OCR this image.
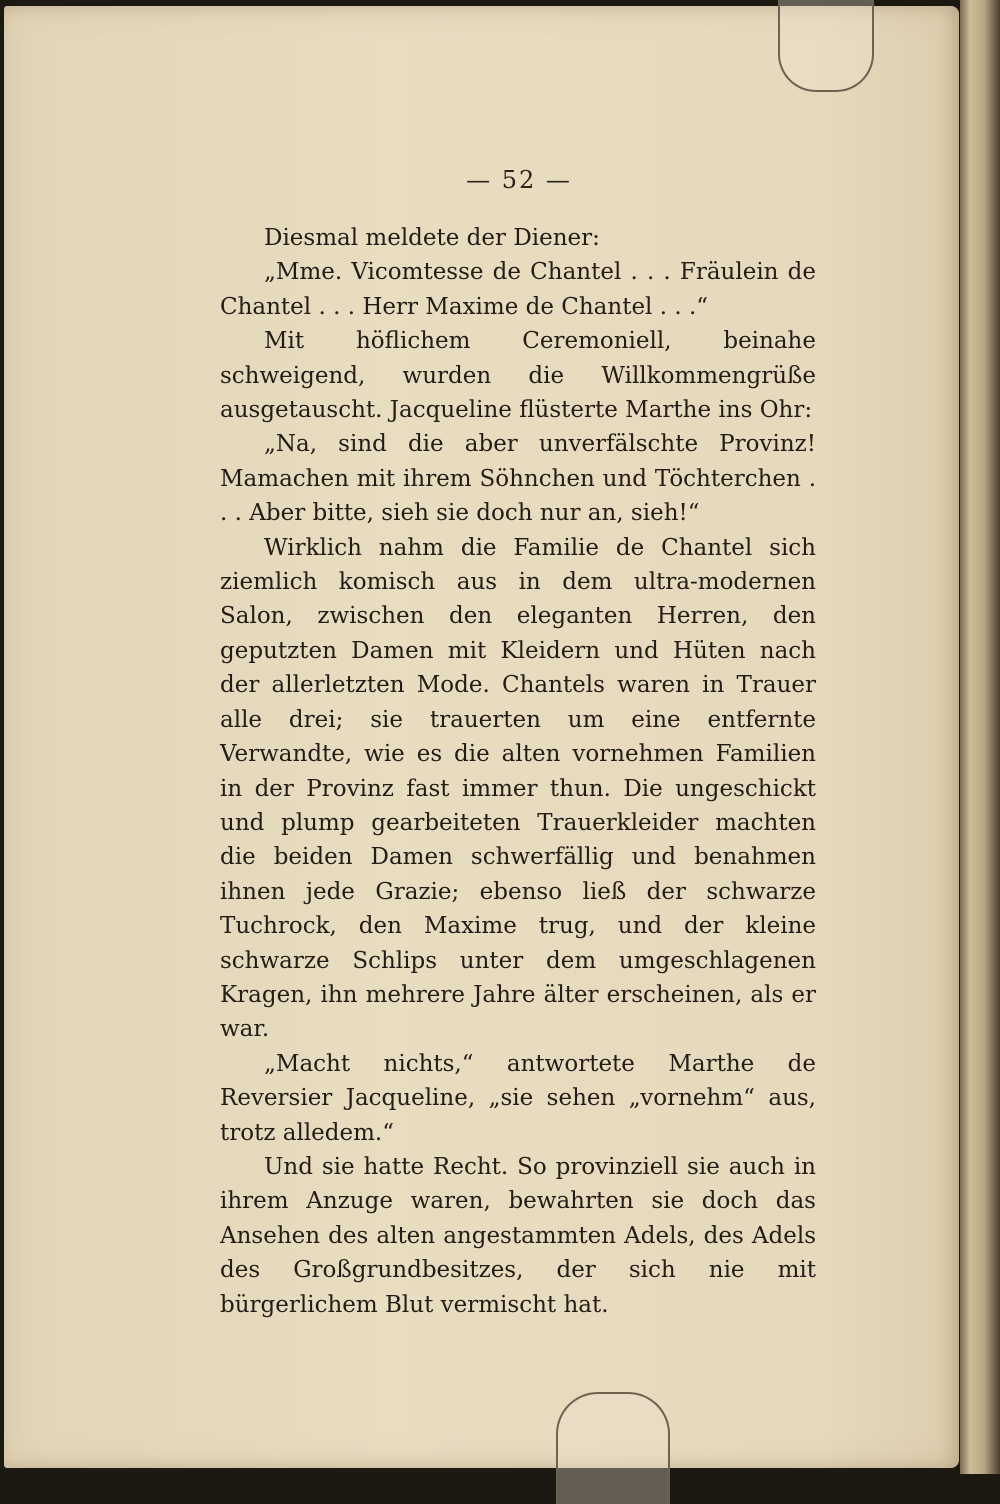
— 52 —

Diesmal meldete der Diener:

„Mme. Vicomtesse de Chantel . . . Fräulein de Chantel . . . Herr Maxime de Chantel . . .“

Mit höflichem Ceremoniell, beinahe schweigend, wurden die Willkommengrüße ausgetauscht. Jacqueline flüsterte Marthe ins Ohr:

„Na, sind die aber unverfälschte Provinz! Mamachen mit ihrem Söhnchen und Töchterchen . . . Aber bitte, sieh sie doch nur an, sieh!“

Wirklich nahm die Familie de Chantel sich ziemlich komisch aus in dem ultra-modernen Salon, zwischen den eleganten Herren, den geputzten Damen mit Kleidern und Hüten nach der allerletzten Mode. Chantels waren in Trauer alle drei; sie trauerten um eine entfernte Verwandte, wie es die alten vornehmen Familien in der Provinz fast immer thun. Die ungeschickt und plump gearbeiteten Trauerkleider machten die beiden Damen schwerfällig und benahmen ihnen jede Grazie; ebenso ließ der schwarze Tuchrock, den Maxime trug, und der kleine schwarze Schlips unter dem umgeschlagenen Kragen, ihn mehrere Jahre älter erscheinen, als er war.

„Macht nichts,“ antwortete Marthe de Reversier Jacqueline, „sie sehen „vornehm“ aus, trotz alledem.“

Und sie hatte Recht. So provinziell sie auch in ihrem Anzuge waren, bewahrten sie doch das Ansehen des alten angestammten Adels, des Adels des Großgrundbesitzes, der sich nie mit bürgerlichem Blut vermischt hat.
